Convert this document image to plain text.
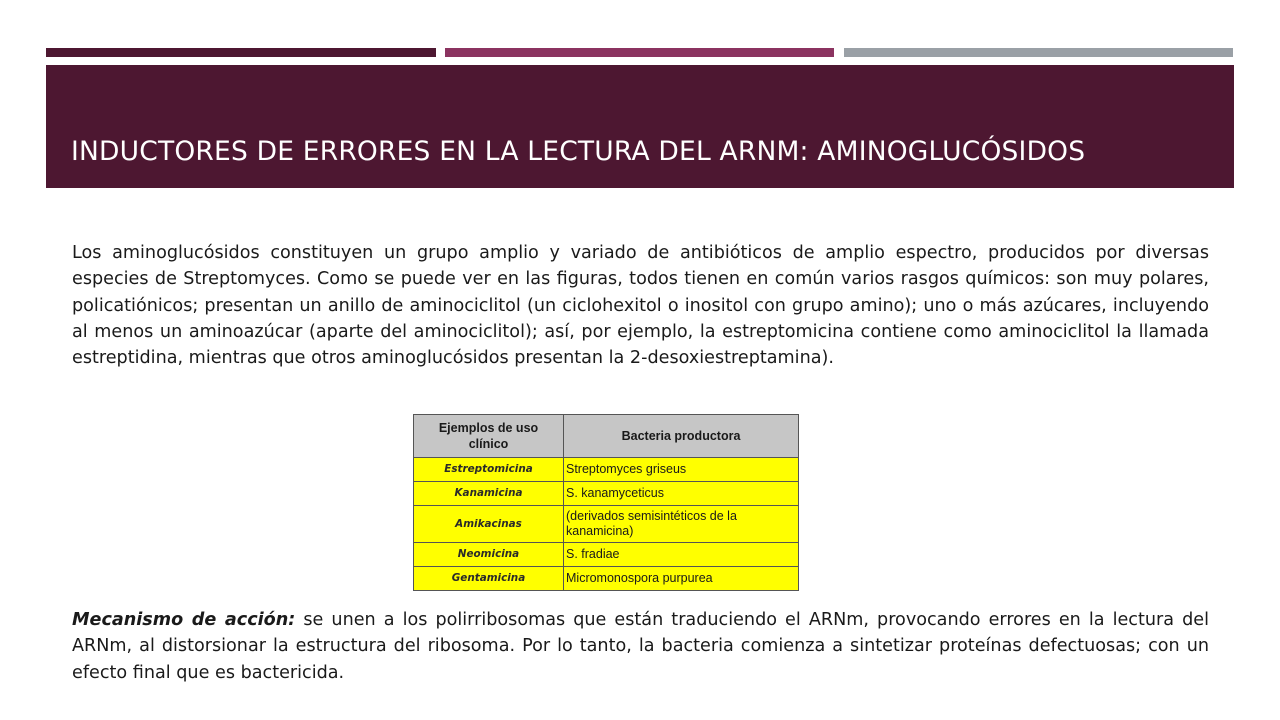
INDUCTORES DE ERRORES EN LA LECTURA DEL ARNM: AMINOGLUCÓSIDOS

Los aminoglucósidos constituyen un grupo amplio y variado de antibióticos de amplio espectro, producidos por diversas especies de Streptomyces. Como se puede ver en las figuras, todos tienen en común varios rasgos químicos: son muy polares, policatiónicos; presentan un anillo de aminociclitol (un ciclohexitol o inositol con grupo amino); uno o más azúcares, incluyendo al menos un aminoazúcar (aparte del aminociclitol); así, por ejemplo, la estreptomicina contiene como aminociclitol la llamada estreptidina, mientras que otros aminoglucósidos presentan la 2-desoxiestreptamina).

Ejemplos de uso clínico	Bacteria productora
Estreptomicina	Streptomyces griseus
Kanamicina	S. kanamyceticus
Amikacinas	(derivados semisintéticos de la kanamicina)
Neomicina	S. fradiae
Gentamicina	Micromonospora purpurea

Mecanismo de acción: se unen a los polirribosomas que están traduciendo el ARNm, provocando errores en la lectura del ARNm, al distorsionar la estructura del ribosoma. Por lo tanto, la bacteria comienza a sintetizar proteínas defectuosas; con un efecto final que es bactericida.
